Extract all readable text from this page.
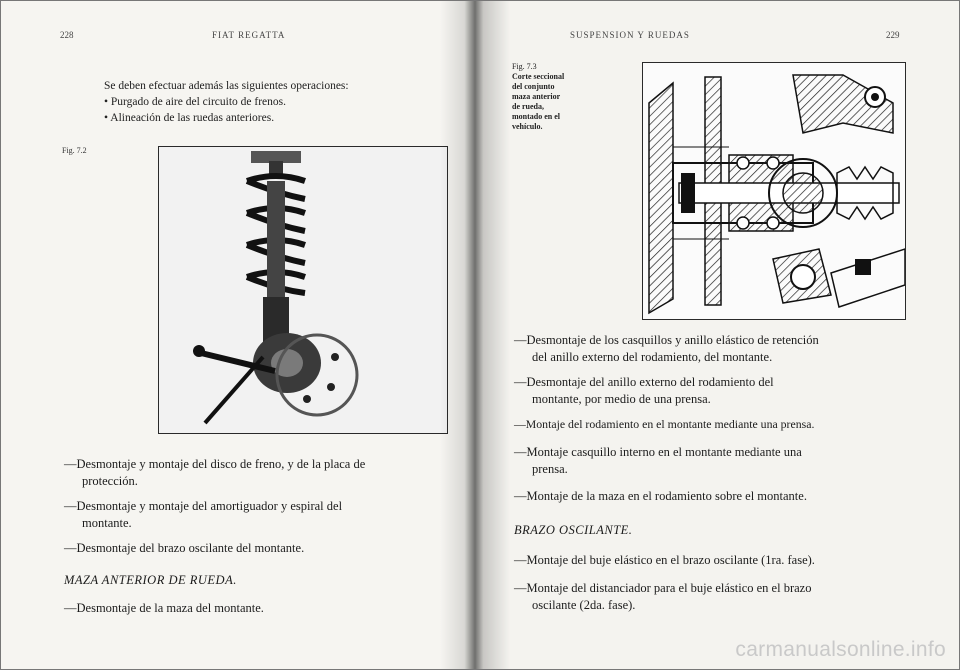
228	FIAT REGATTA
Se deben efectuar además las siguientes operaciones:
• Purgado de aire del circuito de frenos.
• Alineación de las ruedas anteriores.
Fig. 7.2
—Desmontaje y montaje del disco de freno, y de la placa de
protección.
—Desmontaje y montaje del amortiguador y espiral del
montante.
—Desmontaje del brazo oscilante del montante.
MAZA ANTERIOR DE RUEDA.
—Desmontaje de la maza del montante.
SUSPENSION Y RUEDAS	229
Fig. 7.3
Corte seccional
del conjunto
maza anterior
de rueda,
montado en el
vehículo.
—Desmontaje de los casquillos y anillo elástico de retención
del anillo externo del rodamiento, del montante.
—Desmontaje del anillo externo del rodamiento del
montante, por medio de una prensa.
—Montaje del rodamiento en el montante mediante una prensa.
—Montaje casquillo interno en el montante mediante una
prensa.
—Montaje de la maza en el rodamiento sobre el montante.
BRAZO OSCILANTE.
—Montaje del buje elástico en el brazo oscilante (1ra. fase).
—Montaje del distanciador para el buje elástico en el brazo
oscilante (2da. fase).
carmanualsonline.info
